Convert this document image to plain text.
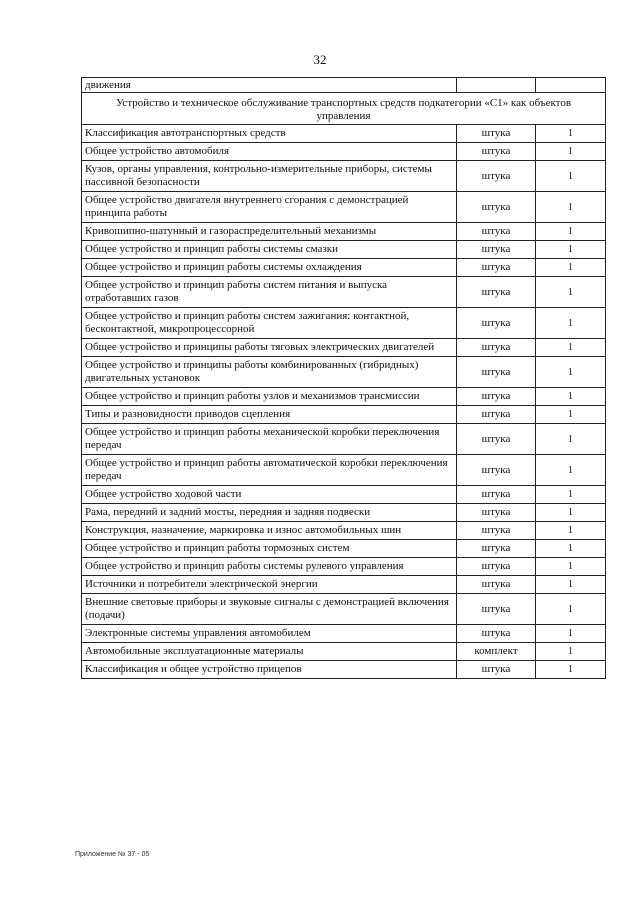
32
движения		
Устройство и техническое обслуживание транспортных средств подкатегории «С1» как объектов управления		
Классификация автотранспортных средств	штука	1
Общее устройство автомобиля	штука	1
Кузов, органы управления, контрольно-измерительные приборы, системы пассивной безопасности	штука	1
Общее устройство двигателя внутреннего сгорания с демонстрацией принципа работы	штука	1
Кривошипно-шатунный и газораспределительный механизмы	штука	1
Общее устройство и принцип работы системы смазки	штука	1
Общее устройство и принцип работы системы охлаждения	штука	1
Общее устройство и принцип работы систем питания и выпуска отработавших газов	штука	1
Общее устройство и принцип работы систем зажигания: контактной, бесконтактной, микропроцессорной	штука	1
Общее устройство и принципы работы тяговых электрических двигателей	штука	1
Общее устройство и принципы работы комбинированных (гибридных) двигательных установок	штука	1
Общее устройство и принцип работы узлов и механизмов трансмиссии	штука	1
Типы и разновидности приводов сцепления	штука	1
Общее устройство и принцип работы механической коробки переключения передач	штука	1
Общее устройство и принцип работы автоматической коробки переключения передач	штука	1
Общее устройство ходовой части	штука	1
Рама, передний и задний мосты, передняя и задняя подвески	штука	1
Конструкция, назначение, маркировка и износ автомобильных шин	штука	1
Общее устройство и принцип работы тормозных систем	штука	1
Общее устройство и принцип работы системы рулевого управления	штука	1
Источники и потребители электрической энергии	штука	1
Внешние световые приборы и звуковые сигналы с демонстрацией включения (подачи)	штука	1
Электронные системы управления автомобилем	штука	1
Автомобильные эксплуатационные материалы	комплект	1
Классификация и общее устройство прицепов	штука	1
Приложение № 37 - 05
